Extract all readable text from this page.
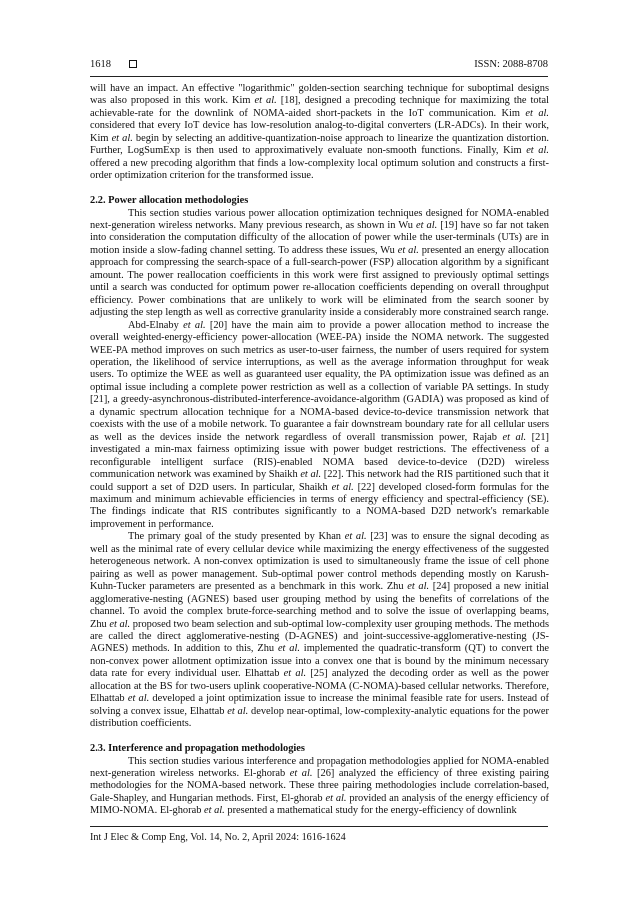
1618	ISSN: 2088-8708

will have an impact. An effective "logarithmic" golden-section searching technique for suboptimal designs was also proposed in this work. Kim et al. [18], designed a precoding technique for maximizing the total achievable-rate for the downlink of NOMA-aided short-packets in the IoT communication. Kim et al. considered that every IoT device has low-resolution analog-to-digital converters (LR-ADCs). In their work, Kim et al. begin by selecting an additive-quantization-noise approach to linearize the quantization distortion. Further, LogSumExp is then used to approximatively evaluate non-smooth functions. Finally, Kim et al. offered a new precoding algorithm that finds a low-complexity local optimum solution and constructs a first-order optimization criterion for the transformed issue.

2.2. Power allocation methodologies

This section studies various power allocation optimization techniques designed for NOMA-enabled next-generation wireless networks. Many previous research, as shown in Wu et al. [19] have so far not taken into consideration the computation difficulty of the allocation of power while the user-terminals (UTs) are in motion inside a slow-fading channel setting. To address these issues, Wu et al. presented an energy allocation approach for compressing the search-space of a full-search-power (FSP) allocation algorithm by a significant amount. The power reallocation coefficients in this work were first assigned to previously optimal settings until a search was conducted for optimum power re-allocation coefficients depending on overall throughput efficiency. Power combinations that are unlikely to work will be eliminated from the search sooner by adjusting the step length as well as corrective granularity inside a considerably more constrained search range.

Abd-Elnaby et al. [20] have the main aim to provide a power allocation method to increase the overall weighted-energy-efficiency power-allocation (WEE-PA) inside the NOMA network. The suggested WEE-PA method improves on such metrics as user-to-user fairness, the number of users required for system operation, the likelihood of service interruptions, as well as the average information throughput for weak users. To optimize the WEE as well as guaranteed user equality, the PA optimization issue was defined as an optimal issue including a complete power restriction as well as a collection of variable PA settings. In study [21], a greedy-asynchronous-distributed-interference-avoidance-algorithm (GADIA) was proposed as kind of a dynamic spectrum allocation technique for a NOMA-based device-to-device transmission network that coexists with the use of a mobile network. To guarantee a fair downstream boundary rate for all cellular users as well as the devices inside the network regardless of overall transmission power, Rajab et al. [21] investigated a min-max fairness optimizing issue with power budget restrictions. The effectiveness of a reconfigurable intelligent surface (RIS)-enabled NOMA based device-to-device (D2D) wireless communication network was examined by Shaikh et al. [22]. This network had the RIS partitioned such that it could support a set of D2D users. In particular, Shaikh et al. [22] developed closed-form formulas for the maximum and minimum achievable efficiencies in terms of energy efficiency and spectral-efficiency (SE). The findings indicate that RIS contributes significantly to a NOMA-based D2D network's remarkable improvement in performance.

The primary goal of the study presented by Khan et al. [23] was to ensure the signal decoding as well as the minimal rate of every cellular device while maximizing the energy effectiveness of the suggested heterogeneous network. A non-convex optimization is used to simultaneously frame the issue of cell phone pairing as well as power management. Sub-optimal power control methods depending mostly on Karush-Kuhn-Tucker parameters are presented as a benchmark in this work. Zhu et al. [24] proposed a new initial agglomerative-nesting (AGNES) based user grouping method by using the benefits of correlations of the channel. To avoid the complex brute-force-searching method and to solve the issue of overlapping beams, Zhu et al. proposed two beam selection and sub-optimal low-complexity user grouping methods. The methods are called the direct agglomerative-nesting (D-AGNES) and joint-successive-agglomerative-nesting (JS-AGNES) methods. In addition to this, Zhu et al. implemented the quadratic-transform (QT) to convert the non-convex power allotment optimization issue into a convex one that is bound by the minimum necessary data rate for every individual user. Elhattab et al. [25] analyzed the decoding order as well as the power allocation at the BS for two-users uplink cooperative-NOMA (C-NOMA)-based cellular networks. Therefore, Elhattab et al. developed a joint optimization issue to increase the minimal feasible rate for users. Instead of solving a convex issue, Elhattab et al. develop near-optimal, low-complexity-analytic equations for the power distribution coefficients.

2.3. Interference and propagation methodologies

This section studies various interference and propagation methodologies applied for NOMA-enabled next-generation wireless networks. El-ghorab et al. [26] analyzed the efficiency of three existing pairing methodologies for the NOMA-based network. These three pairing methodologies include correlation-based, Gale-Shapley, and Hungarian methods. First, El-ghorab et al. provided an analysis of the energy efficiency of MIMO-NOMA. El-ghorab et al. presented a mathematical study for the energy-efficiency of downlink

Int J Elec & Comp Eng, Vol. 14, No. 2, April 2024: 1616-1624
